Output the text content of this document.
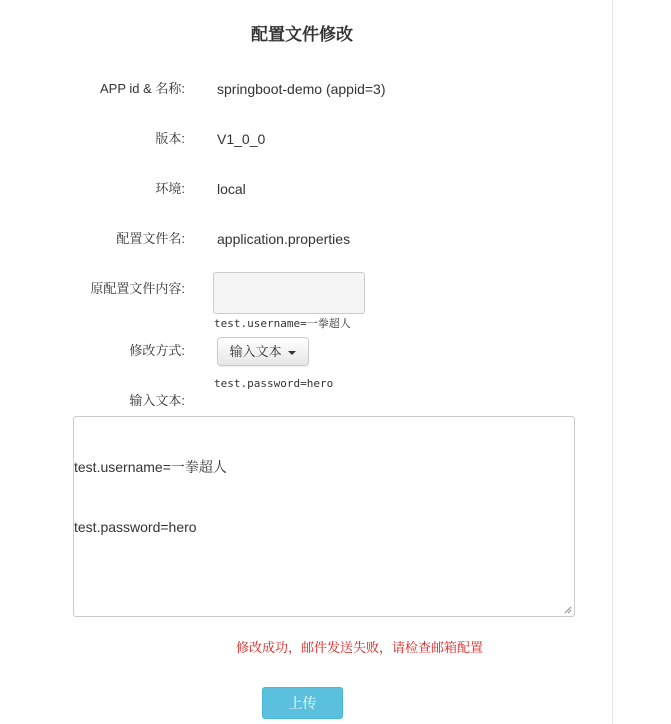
配置文件修改
APP id & 名称: springboot-demo (appid=3)
版本: V1_0_0
环境: local
配置文件名: application.properties
原配置文件内容:

test.username=一拳超人

test.password=hero

修改方式:	输入文本
输入文本:

test.username=一拳超人

test.password=hero

修改成功，邮件发送失败，请检查邮箱配置
上传
